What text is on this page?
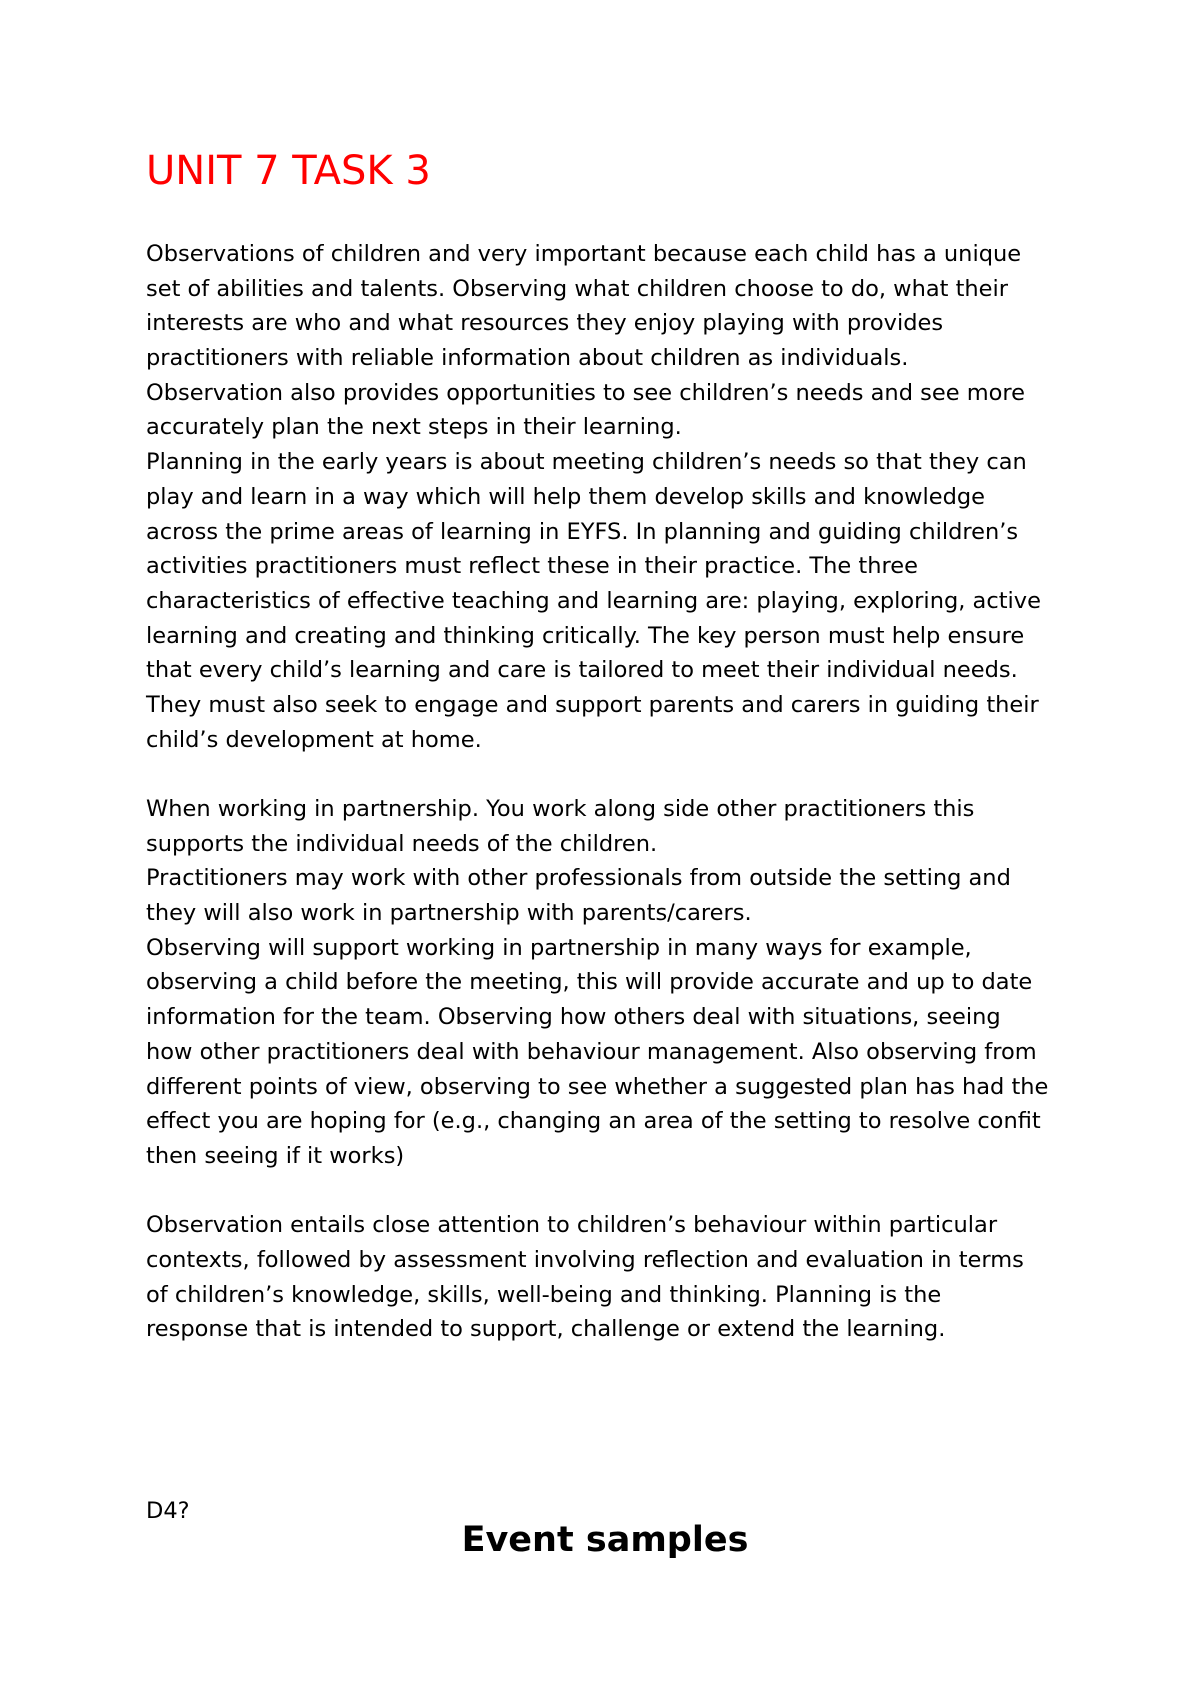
UNIT 7 TASK 3
Observations of children and very important because each child has a unique
set of abilities and talents. Observing what children choose to do, what their
interests are who and what resources they enjoy playing with provides
practitioners with reliable information about children as individuals.
Observation also provides opportunities to see children’s needs and see more
accurately plan the next steps in their learning.
Planning in the early years is about meeting children’s needs so that they can
play and learn in a way which will help them develop skills and knowledge
across the prime areas of learning in EYFS. In planning and guiding children’s
activities practitioners must reflect these in their practice. The three
characteristics of effective teaching and learning are: playing, exploring, active
learning and creating and thinking critically. The key person must help ensure
that every child’s learning and care is tailored to meet their individual needs.
They must also seek to engage and support parents and carers in guiding their
child’s development at home.
When working in partnership. You work along side other practitioners this
supports the individual needs of the children.
Practitioners may work with other professionals from outside the setting and
they will also work in partnership with parents/carers.
Observing will support working in partnership in many ways for example,
observing a child before the meeting, this will provide accurate and up to date
information for the team. Observing how others deal with situations, seeing
how other practitioners deal with behaviour management. Also observing from
different points of view, observing to see whether a suggested plan has had the
effect you are hoping for (e.g., changing an area of the setting to resolve confit
then seeing if it works)
Observation entails close attention to children’s behaviour within particular
contexts, followed by assessment involving reflection and evaluation in terms
of children’s knowledge, skills, well-being and thinking. Planning is the
response that is intended to support, challenge or extend the learning.
D4?
Event samples
